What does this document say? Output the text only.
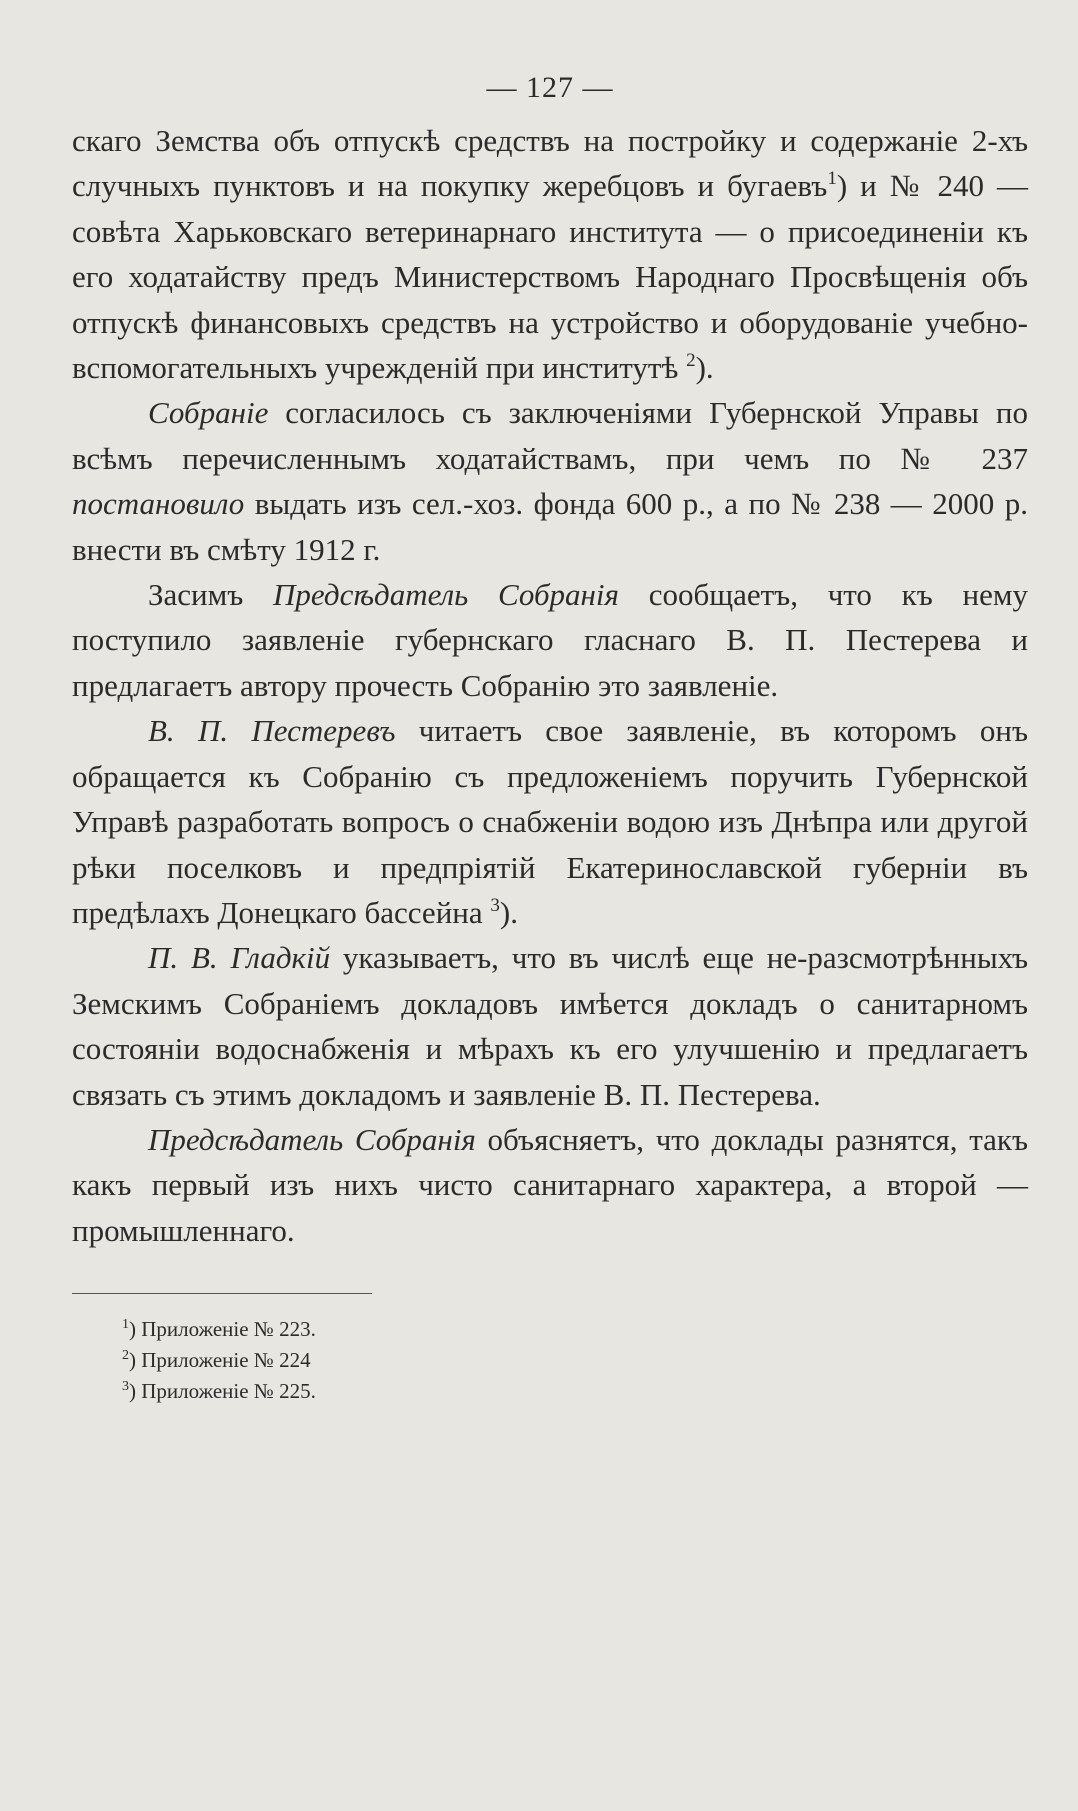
— 127 —

скаго Земства объ отпускѣ средствъ на постройку и содержаніе 2-хъ случныхъ пунктовъ и на покупку жеребцовъ и бугаевъ$^1$) и № 240 — совѣта Харьковскаго ветеринарнаго института — о присоединеніи къ его ходатайству предъ Министерствомъ Народнаго Просвѣщенія объ отпускѣ финансовыхъ средствъ на устройство и оборудованіе учебно-вспомогательныхъ учрежденій при институтѣ $^2$).

Собраніе согласилось съ заключеніями Губернской Управы по всѣмъ перечисленнымъ ходатайствамъ, при чемъ по № 237 постановило выдать изъ сел.-хоз. фонда 600 р., а по № 238 — 2000 р. внести въ смѣту 1912 г.

Засимъ Предсѣдатель Собранія сообщаетъ, что къ нему поступило заявленіе губернскаго гласнаго В. П. Пестерева и предлагаетъ автору прочесть Собранію это заявленіе.

В. П. Пестеревъ читаетъ свое заявленіе, въ которомъ онъ обращается къ Собранію съ предложеніемъ поручить Губернской Управѣ разработать вопросъ о снабженіи водою изъ Днѣпра или другой рѣки поселковъ и предпріятій Екатеринославской губерніи въ предѣлахъ Донецкаго бассейна $^3$).

П. В. Гладкій указываетъ, что въ числѣ еще не-разсмотрѣнныхъ Земскимъ Собраніемъ докладовъ имѣется докладъ о санитарномъ состояніи водоснабженія и мѣрахъ къ его улучшенію и предлагаетъ связать съ этимъ докладомъ и заявленіе В. П. Пестерева.

Предсѣдатель Собранія объясняетъ, что доклады разнятся, такъ какъ первый изъ нихъ чисто санитарнаго характера, а второй — промышленнаго.

$^1$) Приложеніе № 223.
$^2$) Приложеніе № 224
$^3$) Приложеніе № 225.
